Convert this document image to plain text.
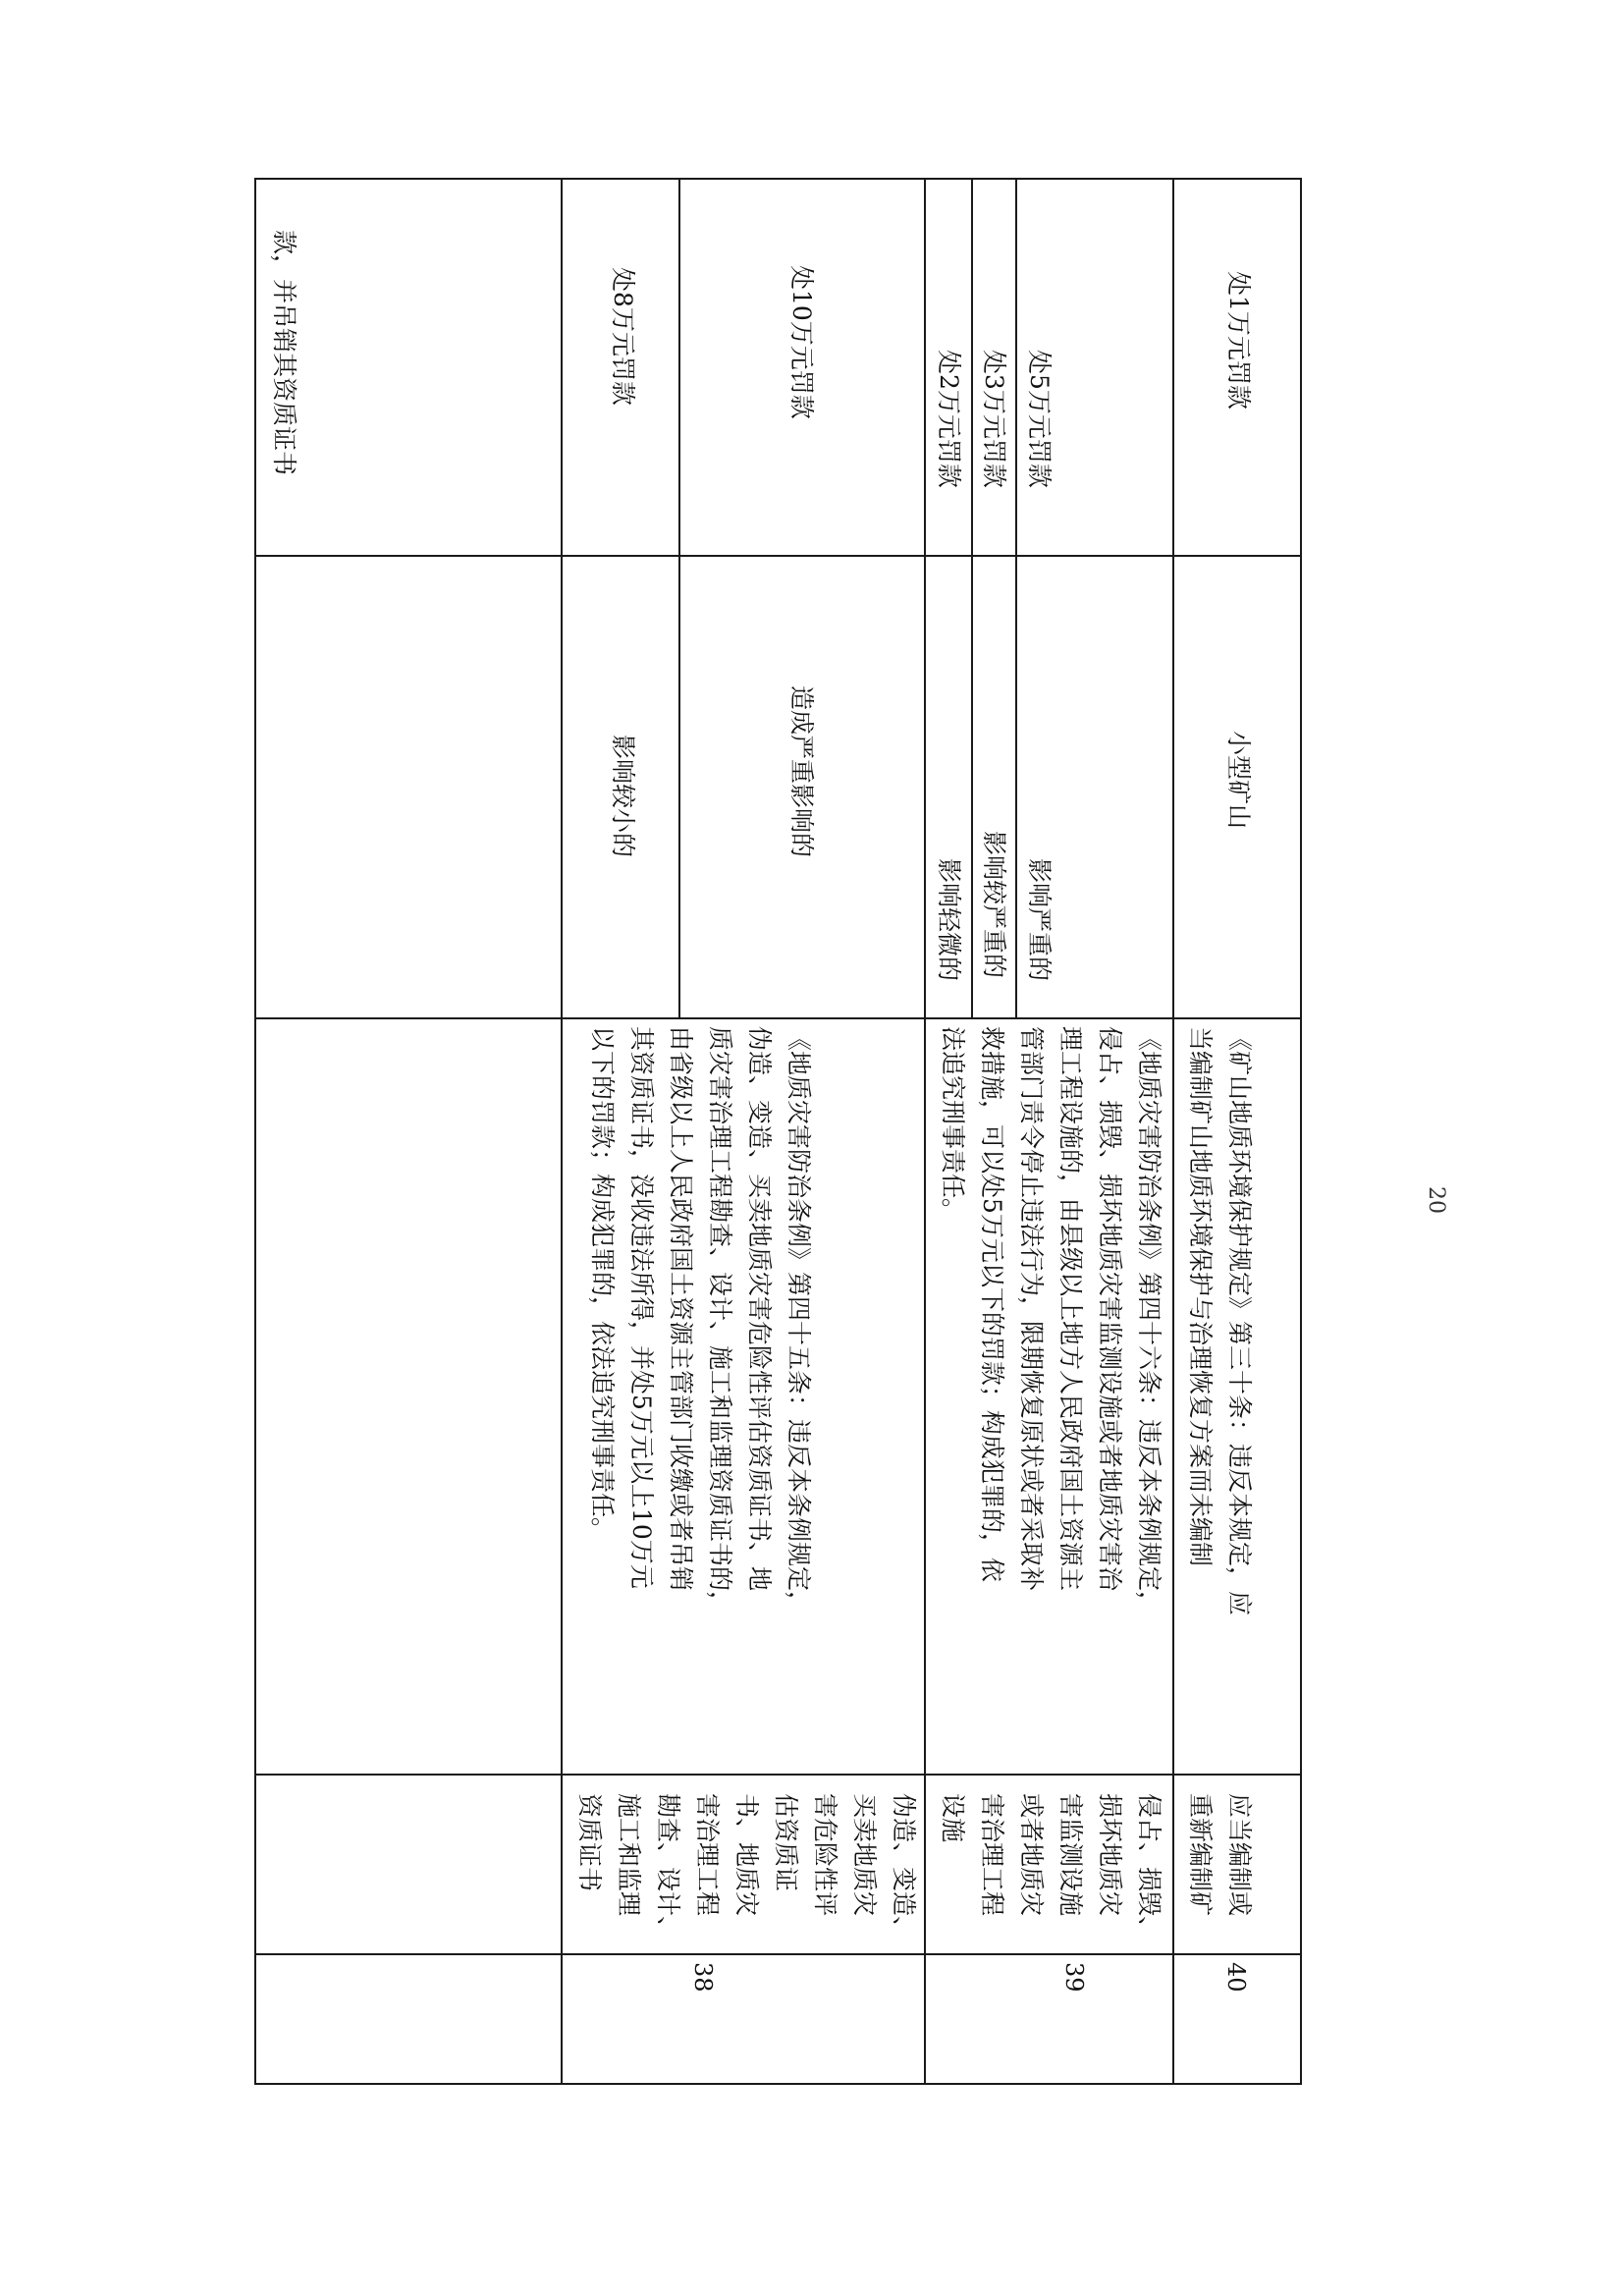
款，并吊销其资质证书
38
伪造、变造、
买卖地质灾
害危险性评
估资质证
书、地质灾
害治理工程
勘查、设计、
施工和监理
资质证书
《地质灾害防治条例》第四十五条：违反本条例规定，
伪造、变造、买卖地质灾害危险性评估资质证书、地
质灾害治理工程勘查、设计、施工和监理资质证书的，
由省级以上人民政府国土资源主管部门收缴或者吊销
其资质证书，没收违法所得，并处5万元以上10万元
以下的罚款；构成犯罪的，依法追究刑事责任。
影响较小的
处8万元罚款
造成严重影响的
处10万元罚款
39
侵占、损毁、
损坏地质灾
害监测设施
或者地质灾
害治理工程
设施
《地质灾害防治条例》第四十六条：违反本条例规定，
侵占、损毁、损坏地质灾害监测设施或者地质灾害治
理工程设施的，由县级以上地方人民政府国土资源主
管部门责令停止违法行为，限期恢复原状或者采取补
救措施，可以处5万元以下的罚款；构成犯罪的，依
法追究刑事责任。
影响轻微的
处2万元罚款
影响较严重的
处3万元罚款
影响严重的
处5万元罚款
40
应当编制或
重新编制矿
《矿山地质环境保护规定》第三十条：违反本规定，应
当编制矿山地质环境保护与治理恢复方案而未编制
小型矿山
处1万元罚款
20
